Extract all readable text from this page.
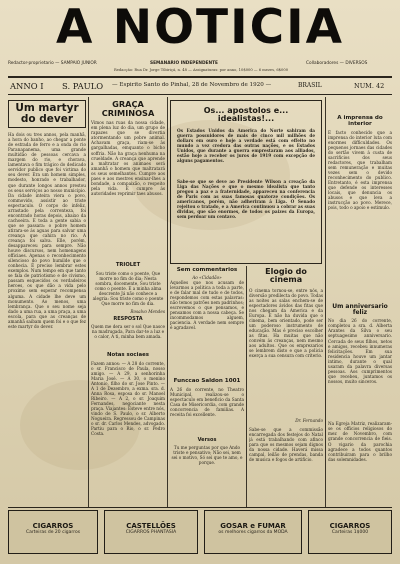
A NOTICIA
Redactor-proprietario — SAMPAIO JUNIOR	SEMANARIO INDEPENDENTE	Collaboradores — DIVERSOS
Redacção: Rua Dr. Jorge Tibiriçá, n. 48 — Assignaturas: por anno, 10$000 — 6 mezes, 6$000
ANNO I S. PAULO — Espirito Santo do Pinhal, 28 de Novembro de 1920 —	BRASIL	NUM. 42
Um martyr do dever
Ha dois ou tres annos, pela manhã, a hora do banho, ao chegar a ponte de estrada de ferro e a onda do rio Paranapanema, uma grande multidão de pessoas cercava a margem do rio, e chorava, lamentava o fim trágico do dedicado servidor publico que foi victima do seu dever. Era um homem simples, modesto, honrado e trabalhador, que durante longos annos prestou os seus serviços ao nosso municipio. Da cidade inteira viera o povo, commovido, assistir ao triste espectaculo. O corpo do infeliz, arrastado pela correnteza, foi encontrado horas depois, abaixo da cachoeira. E toda a gente sabia o que se passara: o pobre homem atirara-se ás aguas para salvar uma creança que cahira no rio. A creança foi salva. Elle, porém, desappareceu para sempre. Não houve discursos, nem homenagens officiaes. Apenas o reconhecimento silencioso do povo humilde que o conhecia. É preciso lembrar estes exemplos. Num tempo em que tanto se fala de patriotismo e de civismo, passam esquecidos os verdadeiros heroes, os que dão a vida pelo proximo sem esperar recompensa alguma. A cidade lhe deve um monumento. Ao menos, uma lembrança. Que o seu nome seja dado a uma rua, a uma praça, a uma escola, para que as creanças de amanhã saibam quem foi e o que fez este martyr do dever.
GRAÇA CRIMINOSA
Vimos nas ruas da nossa cidade, em plena luz do dia, um grupo de rapazes que se divertia atormentando um pobre animal. Achavam graça, riam-se às gargalhadas, emquanto o bicho soffria. Não ha graça nenhuma na crueldade. A creança que aprende a maltratar os animaes será amanhã o homem que maltratará os seus semelhantes. Cumpre aos paes e aos mestres ensinar-lhes a bondade, a compaixão, o respeito pela vida. E cumpre ás autoridades reprimir taes abusos.
TRIOLET
Sou triste como o poente, Que morre no fim do dia; Nesta sombra, docemente, Sou triste como o poente. E a minha alma descrente Já não conhece a alegria: Sou triste como o poente Que morre no fim do dia.
Rosalvo Mendes
RESPOSTA
Quem me dera ser o sol Que nasce na madrugada, Para dar-te a luz e o calor, A ti, minha bem amada.
Notas sociaes
Fazem annos: — A 28 do corrente, o sr. Francisco de Paula, nosso amigo. — A 29, a senhorinha Maria José. — A 30, o menino Antonio, filho do sr. Jose Pinto. — A 1 de Dezembro, a exma. sra. d. Anna Rosa, esposa do sr. Manoel Ribeiro. — A 2, o sr. Joaquim Fernandes, negociante nesta praça. Viajantes: Esteve entre nós, vindo de S. Paulo, o sr. Alberto Nogueira. Regressou de Campinas o sr. dr. Carlos Mendes, advogado. Partiu para o Rio, o sr. Pedro Costa.
Os... apostolos e... idealistas!...
Os Estados Unidos da America do Norte sahiram da guerra possuidores de mais de cinco mil milhões de dollars em ouro e hoje a verdade está com effeito no mundo a vez credora das outras nações, e os Estados Unidos, que durante a guerra emprestaram aos alliados, estão hoje a receber os juros de 1919 com excepção de alguns pagamentos.
Sabe-se que se deve ao Presidente Wilson a creação da Liga das Nações e que o mesmo idealista que tanto pregou a paz e a fraternidade, appareceu na conferencia de Paris com as suas famosas quatorze condições. Os americanos, porém, não adheriram á Liga. O Senado rejeitou o tratado, e a America continuou a cobrar as suas dividas, que são enormes, de todos os paizes da Europa, sem perdoar um centavo.
Sem commentarios
Ao «Cidadão»
Aquelles que nos acusam de levarmos a politica a toda a parte, e de falar mal de tudo e de todos, respondemos com estas palavras: não temos patrões nem padrinhos; escrevemos o que pensamos, e pensamos com a nossa cabeça. Se incommodamos alguem, paciencia. A verdade nem sempre é agradavel.
Funccao Saldon 1001
A 26 do corrente, no Theatro Municipal, realizou-se o espectaculo em beneficio da Santa Casa de Misericordia, com grande concorrencia de familias. A receita foi excellente.
Versos
Tu me perguntas por que Ando triste e pensativo; Não sei, nem sei o motivo, Só sei que te amo, e porque.
Elogio do cinema
O cinema tornou-se, entre nós, a diversão predilecta do povo. Todas as noites as salas enchem-se de espectadores ávidos das fitas que nos chegam da America e da Europa. E não ha duvida que o cinema, bem orientado, pode ser um poderoso instrumento de educação. Mas é preciso escolher as fitas. Ha muitas que não convém ás creanças, nem mesmo aos adultos. Que os emprezarios se lembrem disto e que a policia exerça a sua censura com criterio.
Dr. Fernando
Sabe-se que a commissão encarregada dos festejos do Natal já está trabalhando com afinco para que os mesmos sejam dignos da nossa cidade. Haverá missa campal, leilão de prendas, banda de musica e fogos de artificio.
A imprensa do interior
É facto conhecido que a imprensa do interior luta com enormes difficuldades. Os pequenos jornaes das cidades do sertão vivem á custa de sacrificios dos seus redactores, que trabalham sem remuneração e muitas vezes sem o devido reconhecimento do publico. Entretanto, é esta imprensa que defende os interesses locais, que denuncia os abusos e que leva a instrucção ao povo. Merece, pois, todo o apoio e estimulo.
Um anniversario feliz
No dia 26 do corrente, completou a sra. d. Alberta Arantes da Silva o seu septuagesimo anniversario. Cercada de seus filhos, netos e amigos, recebeu innumeras felicitações. Em sua residencia houve um jantar intimo, durante o qual usaram da palavra diversas pessoas. Aos cumprimentos que recebeu, juntamos os nossos, muito sinceros.
Na Egreja Matriz, realizaram-se os officios religiosos do mez de Novembro, com grande concorrencia de fieis. O vigario da parochia agradece a todos quantos contribuiram para o brilho das solemnidades.
CIGARROS
Carteiras de 20 cigarros
CASTELLÕES
CIGARROS PHANTASIA
GOSAR e FUMAR
os melhores cigarros da MODA
CIGARROS
Carteiras 1$000
